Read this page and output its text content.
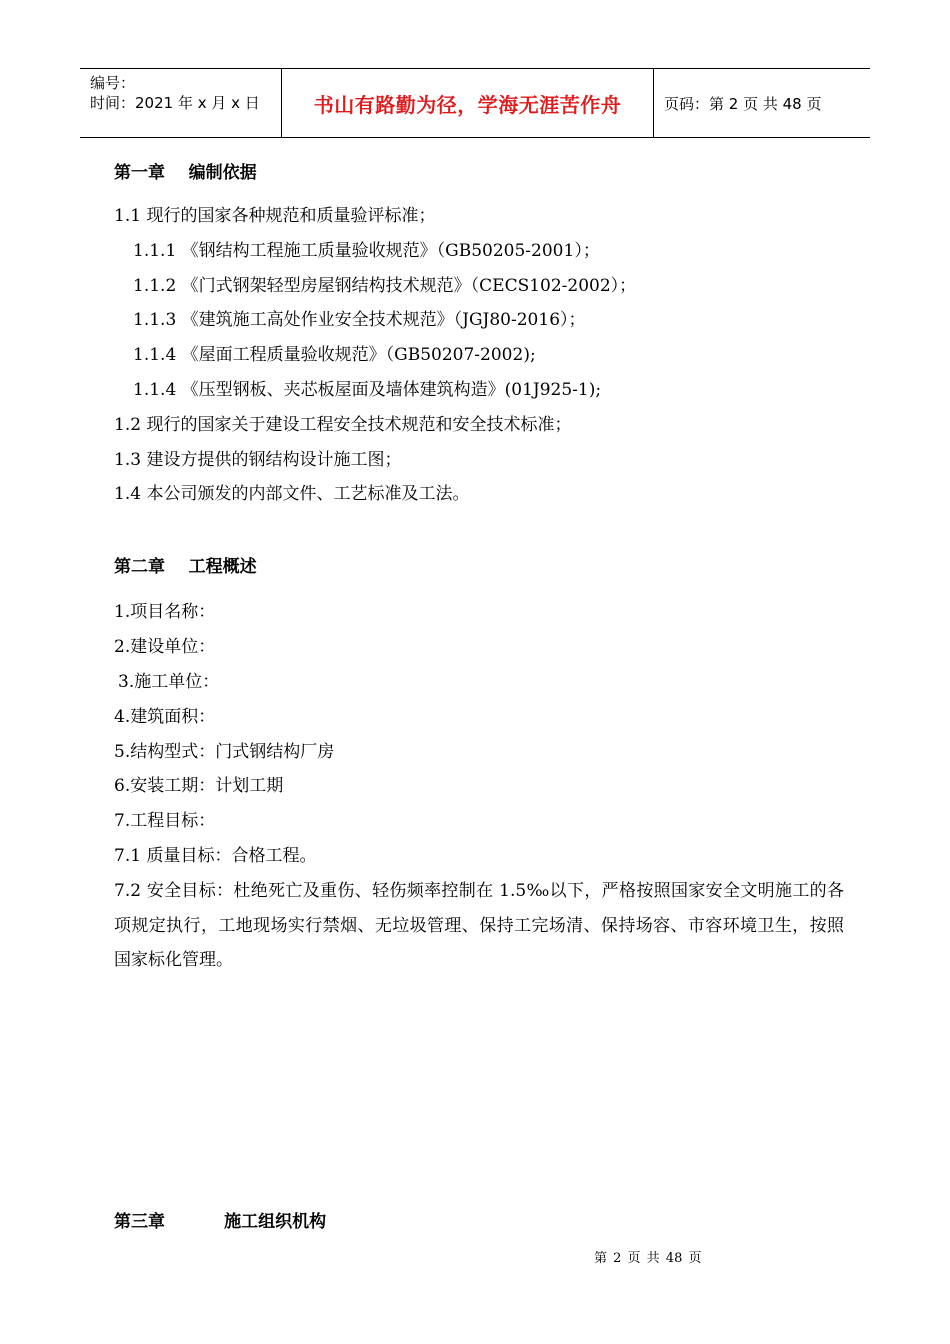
编号：
时间：2021 年 x 月 x 日	书山有路勤为径，学海无涯苦作舟	页码：第 2 页 共 48 页
第一章    编制依据
1.1 现行的国家各种规范和质量验评标准；
1.1.1 《钢结构工程施工质量验收规范》（GB50205-2001）；
1.1.2 《门式钢架轻型房屋钢结构技术规范》（CECS102-2002）；
1.1.3 《建筑施工高处作业安全技术规范》（JGJ80-2016）；
1.1.4 《屋面工程质量验收规范》（GB50207-2002);
1.1.4 《压型钢板、夹芯板屋面及墙体建筑构造》(01J925-1);
1.2 现行的国家关于建设工程安全技术规范和安全技术标准；
1.3 建设方提供的钢结构设计施工图；
1.4 本公司颁发的内部文件、工艺标准及工法。
第二章    工程概述
1.项目名称：
2.建设单位：
3.施工单位：
4.建筑面积：
5.结构型式：门式钢结构厂房
6.安装工期：计划工期
7.工程目标：
7.1 质量目标：合格工程。
7.2 安全目标：杜绝死亡及重伤、轻伤频率控制在 1.5‰以下，严格按照国家安全文明施工的各项规定执行，工地现场实行禁烟、无垃圾管理、保持工完场清、保持场容、市容环境卫生，按照国家标化管理。
第三章          施工组织机构
第 2 页 共 48 页
